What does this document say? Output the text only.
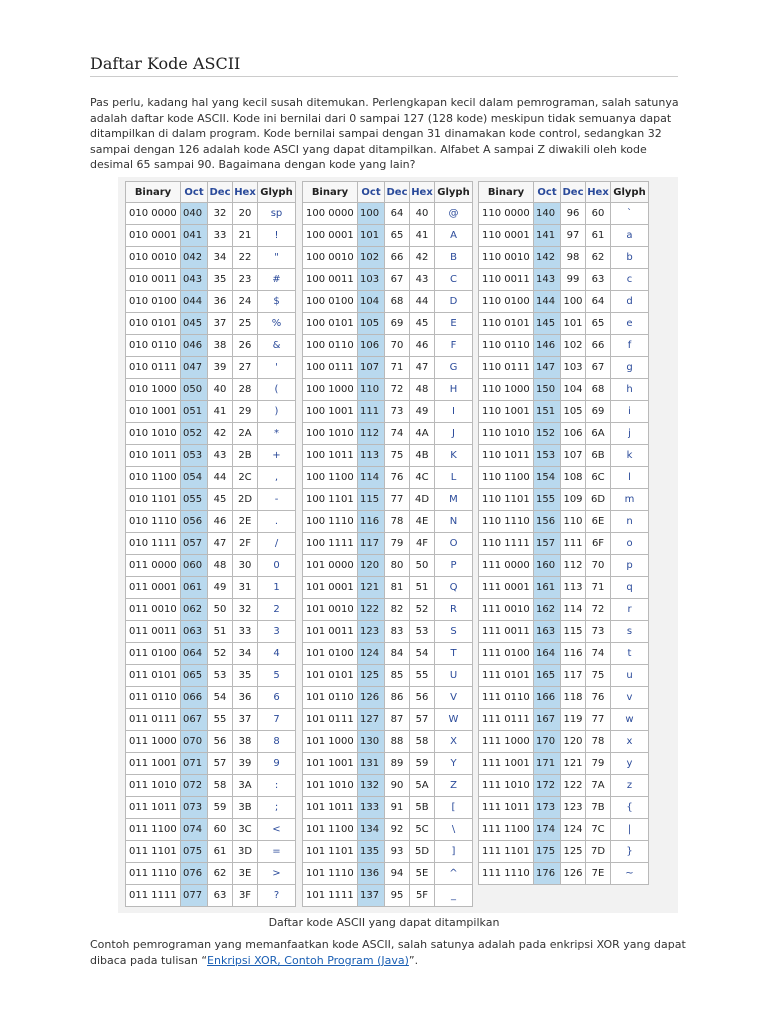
Daftar Kode ASCII
Pas perlu, kadang hal yang kecil susah ditemukan. Perlengkapan kecil dalam pemrograman, salah satunya adalah daftar kode ASCII. Kode ini bernilai dari 0 sampai 127 (128 kode) meskipun tidak semuanya dapat ditampilkan di dalam program. Kode bernilai sampai dengan 31 dinamakan kode control, sedangkan 32 sampai dengan 126 adalah kode ASCI yang dapat ditampilkan. Alfabet A sampai Z diwakili oleh kode desimal 65 sampai 90. Bagaimana dengan kode yang lain?
Binary	Oct	Dec	Hex	Glyph
010 0000	040	32	20	sp
010 0001	041	33	21	!
010 0010	042	34	22	"
010 0011	043	35	23	#
010 0100	044	36	24	$
010 0101	045	37	25	%
010 0110	046	38	26	&
010 0111	047	39	27	'
010 1000	050	40	28	(
010 1001	051	41	29	)
010 1010	052	42	2A	*
010 1011	053	43	2B	+
010 1100	054	44	2C	,
010 1101	055	45	2D	-
010 1110	056	46	2E	.
010 1111	057	47	2F	/
011 0000	060	48	30	0
011 0001	061	49	31	1
011 0010	062	50	32	2
011 0011	063	51	33	3
011 0100	064	52	34	4
011 0101	065	53	35	5
011 0110	066	54	36	6
011 0111	067	55	37	7
011 1000	070	56	38	8
011 1001	071	57	39	9
011 1010	072	58	3A	:
011 1011	073	59	3B	;
011 1100	074	60	3C	<
011 1101	075	61	3D	=
011 1110	076	62	3E	>
011 1111	077	63	3F	?
Binary	Oct	Dec	Hex	Glyph
100 0000	100	64	40	@
100 0001	101	65	41	A
100 0010	102	66	42	B
100 0011	103	67	43	C
100 0100	104	68	44	D
100 0101	105	69	45	E
100 0110	106	70	46	F
100 0111	107	71	47	G
100 1000	110	72	48	H
100 1001	111	73	49	I
100 1010	112	74	4A	J
100 1011	113	75	4B	K
100 1100	114	76	4C	L
100 1101	115	77	4D	M
100 1110	116	78	4E	N
100 1111	117	79	4F	O
101 0000	120	80	50	P
101 0001	121	81	51	Q
101 0010	122	82	52	R
101 0011	123	83	53	S
101 0100	124	84	54	T
101 0101	125	85	55	U
101 0110	126	86	56	V
101 0111	127	87	57	W
101 1000	130	88	58	X
101 1001	131	89	59	Y
101 1010	132	90	5A	Z
101 1011	133	91	5B	[
101 1100	134	92	5C	\
101 1101	135	93	5D	]
101 1110	136	94	5E	^
101 1111	137	95	5F	_
Binary	Oct	Dec	Hex	Glyph
110 0000	140	96	60	`
110 0001	141	97	61	a
110 0010	142	98	62	b
110 0011	143	99	63	c
110 0100	144	100	64	d
110 0101	145	101	65	e
110 0110	146	102	66	f
110 0111	147	103	67	g
110 1000	150	104	68	h
110 1001	151	105	69	i
110 1010	152	106	6A	j
110 1011	153	107	6B	k
110 1100	154	108	6C	l
110 1101	155	109	6D	m
110 1110	156	110	6E	n
110 1111	157	111	6F	o
111 0000	160	112	70	p
111 0001	161	113	71	q
111 0010	162	114	72	r
111 0011	163	115	73	s
111 0100	164	116	74	t
111 0101	165	117	75	u
111 0110	166	118	76	v
111 0111	167	119	77	w
111 1000	170	120	78	x
111 1001	171	121	79	y
111 1010	172	122	7A	z
111 1011	173	123	7B	{
111 1100	174	124	7C	|
111 1101	175	125	7D	}
111 1110	176	126	7E	~
Daftar kode ASCII yang dapat ditampilkan
Contoh pemrograman yang memanfaatkan kode ASCII, salah satunya adalah pada enkripsi XOR yang dapat dibaca pada tulisan “Enkripsi XOR, Contoh Program (Java)”.
